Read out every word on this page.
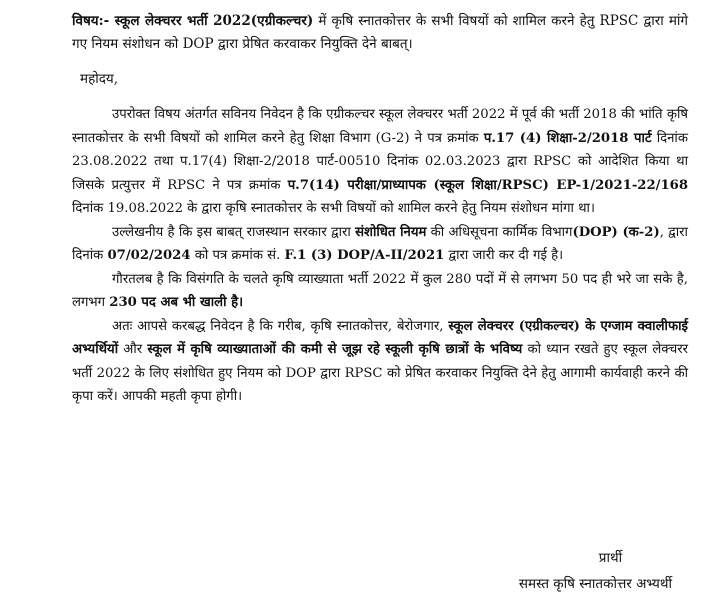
विषय:- स्कूल लेक्चरर भर्ती 2022(एग्रीकल्चर) में कृषि स्नातकोत्तर के सभी विषयों को शामिल करने हेतु RPSC द्वारा मांगे गए नियम संशोधन को DOP द्वारा प्रेषित करवाकर नियुक्ति देने बाबत्।

महोदय,

उपरोक्त विषय अंतर्गत सविनय निवेदन है कि एग्रीकल्चर स्कूल लेक्चरर भर्ती 2022 में पूर्व की भर्ती 2018 की भांति कृषि स्नातकोत्तर के सभी विषयों को शामिल करने हेतु शिक्षा विभाग (G-2) ने पत्र क्रमांक प.17 (4) शिक्षा-2/2018 पार्ट दिनांक 23.08.2022 तथा प.17(4) शिक्षा-2/2018 पार्ट-00510 दिनांक 02.03.2023 द्वारा RPSC को आदेशित किया था जिसके प्रत्युत्तर में RPSC ने पत्र क्रमांक प.7(14) परीक्षा/प्राध्यापक (स्कूल शिक्षा/RPSC) EP-1/2021-22/168 दिनांक 19.08.2022 के द्वारा कृषि स्नातकोत्तर के सभी विषयों को शामिल करने हेतु नियम संशोधन मांगा था।

उल्लेखनीय है कि इस बाबत् राजस्थान सरकार द्वारा संशोधित नियम की अधिसूचना कार्मिक विभाग(DOP) (क-2), द्वारा दिनांक 07/02/2024 को पत्र क्रमांक सं. F.1 (3) DOP/A-II/2021 द्वारा जारी कर दी गई है।

गौरतलब है कि विसंगति के चलते कृषि व्याख्याता भर्ती 2022 में कुल 280 पदों में से लगभग 50 पद ही भरे जा सके है, लगभग 230 पद अब भी खाली है।

अतः आपसे करबद्ध निवेदन है कि गरीब, कृषि स्नातकोत्तर, बेरोजगार, स्कूल लेक्चरर (एग्रीकल्चर) के एग्जाम क्वालीफाई अभ्यर्थियों और स्कूल में कृषि व्याख्याताओं की कमी से जूझ रहे स्कूली कृषि छात्रों के भविष्य को ध्यान रखते हुए स्कूल लेक्चरर भर्ती 2022 के लिए संशोधित हुए नियम को DOP द्वारा RPSC को प्रेषित करवाकर नियुक्ति देने हेतु आगामी कार्यवाही करने की कृपा करें। आपकी महती कृपा होगी।

प्रार्थी
समस्त कृषि स्नातकोत्तर अभ्यर्थी
